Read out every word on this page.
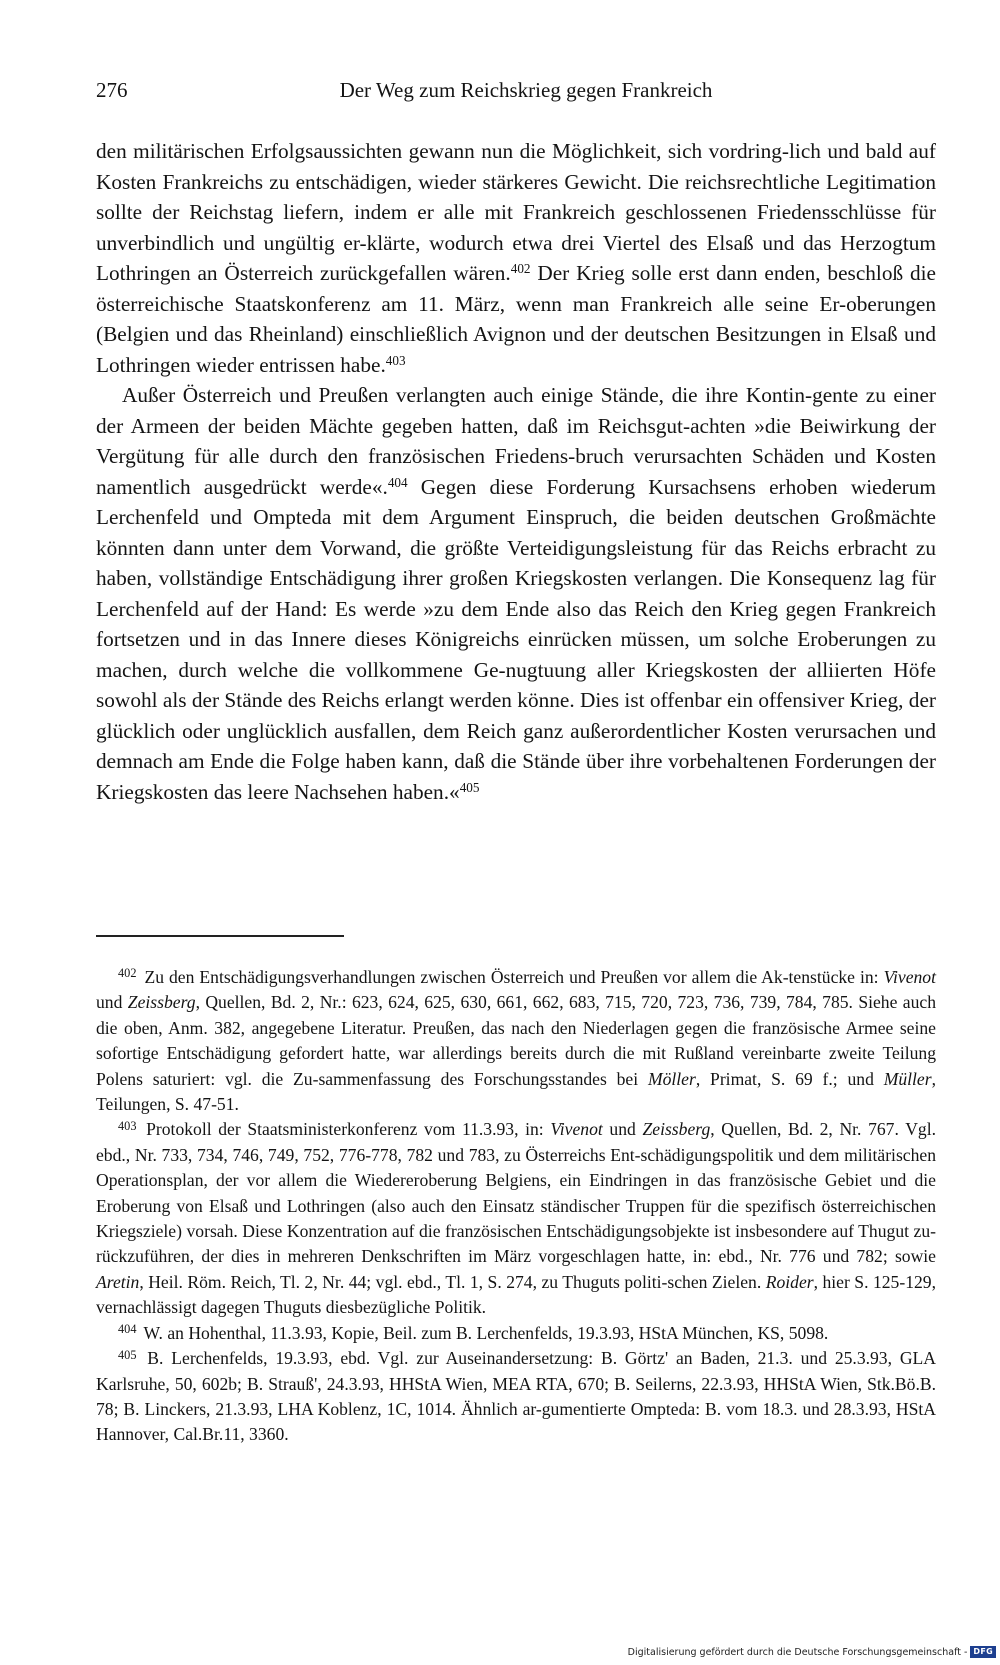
276	Der Weg zum Reichskrieg gegen Frankreich

den militärischen Erfolgsaussichten gewann nun die Möglichkeit, sich vordring-lich und bald auf Kosten Frankreichs zu entschädigen, wieder stärkeres Gewicht. Die reichsrechtliche Legitimation sollte der Reichstag liefern, indem er alle mit Frankreich geschlossenen Friedensschlüsse für unverbindlich und ungültig er-klärte, wodurch etwa drei Viertel des Elsaß und das Herzogtum Lothringen an Österreich zurückgefallen wären.$^{402}$ Der Krieg solle erst dann enden, beschloß die österreichische Staatskonferenz am 11. März, wenn man Frankreich alle seine Er-oberungen (Belgien und das Rheinland) einschließlich Avignon und der deutschen Besitzungen in Elsaß und Lothringen wieder entrissen habe.$^{403}$

Außer Österreich und Preußen verlangten auch einige Stände, die ihre Kontin-gente zu einer der Armeen der beiden Mächte gegeben hatten, daß im Reichsgut-achten »die Beiwirkung der Vergütung für alle durch den französischen Friedens-bruch verursachten Schäden und Kosten namentlich ausgedrückt werde«.$^{404}$ Gegen diese Forderung Kursachsens erhoben wiederum Lerchenfeld und Ompteda mit dem Argument Einspruch, die beiden deutschen Großmächte könnten dann unter dem Vorwand, die größte Verteidigungsleistung für das Reichs erbracht zu haben, vollständige Entschädigung ihrer großen Kriegskosten verlangen. Die Konsequenz lag für Lerchenfeld auf der Hand: Es werde »zu dem Ende also das Reich den Krieg gegen Frankreich fortsetzen und in das Innere dieses Königreichs einrücken müssen, um solche Eroberungen zu machen, durch welche die vollkommene Ge-nugtuung aller Kriegskosten der alliierten Höfe sowohl als der Stände des Reichs erlangt werden könne. Dies ist offenbar ein offensiver Krieg, der glücklich oder unglücklich ausfallen, dem Reich ganz außerordentlicher Kosten verursachen und demnach am Ende die Folge haben kann, daß die Stände über ihre vorbehaltenen Forderungen der Kriegskosten das leere Nachsehen haben.«$^{405}$

$^{402}$ Zu den Entschädigungsverhandlungen zwischen Österreich und Preußen vor allem die Ak-tenstücke in: Vivenot und Zeissberg, Quellen, Bd. 2, Nr.: 623, 624, 625, 630, 661, 662, 683, 715, 720, 723, 736, 739, 784, 785. Siehe auch die oben, Anm. 382, angegebene Literatur. Preußen, das nach den Niederlagen gegen die französische Armee seine sofortige Entschädigung gefordert hatte, war allerdings bereits durch die mit Rußland vereinbarte zweite Teilung Polens saturiert: vgl. die Zu-sammenfassung des Forschungsstandes bei Möller, Primat, S. 69 f.; und Müller, Teilungen, S. 47-51.

$^{403}$ Protokoll der Staatsministerkonferenz vom 11.3.93, in: Vivenot und Zeissberg, Quellen, Bd. 2, Nr. 767. Vgl. ebd., Nr. 733, 734, 746, 749, 752, 776-778, 782 und 783, zu Österreichs Ent-schädigungspolitik und dem militärischen Operationsplan, der vor allem die Wiedereroberung Belgiens, ein Eindringen in das französische Gebiet und die Eroberung von Elsaß und Lothringen (also auch den Einsatz ständischer Truppen für die spezifisch österreichischen Kriegsziele) vorsah. Diese Konzentration auf die französischen Entschädigungsobjekte ist insbesondere auf Thugut zu-rückzuführen, der dies in mehreren Denkschriften im März vorgeschlagen hatte, in: ebd., Nr. 776 und 782; sowie Aretin, Heil. Röm. Reich, Tl. 2, Nr. 44; vgl. ebd., Tl. 1, S. 274, zu Thuguts politi-schen Zielen. Roider, hier S. 125-129, vernachlässigt dagegen Thuguts diesbezügliche Politik.

$^{404}$ W. an Hohenthal, 11.3.93, Kopie, Beil. zum B. Lerchenfelds, 19.3.93, HStA München, KS, 5098.

$^{405}$ B. Lerchenfelds, 19.3.93, ebd. Vgl. zur Auseinandersetzung: B. Görtz' an Baden, 21.3. und 25.3.93, GLA Karlsruhe, 50, 602b; B. Strauß', 24.3.93, HHStA Wien, MEA RTA, 670; B. Seilerns, 22.3.93, HHStA Wien, Stk.Bö.B. 78; B. Linckers, 21.3.93, LHA Koblenz, 1C, 1014. Ähnlich ar-gumentierte Ompteda: B. vom 18.3. und 28.3.93, HStA Hannover, Cal.Br.11, 3360.

Digitalisierung gefördert durch die Deutsche Forschungsgemeinschaft - DFG
